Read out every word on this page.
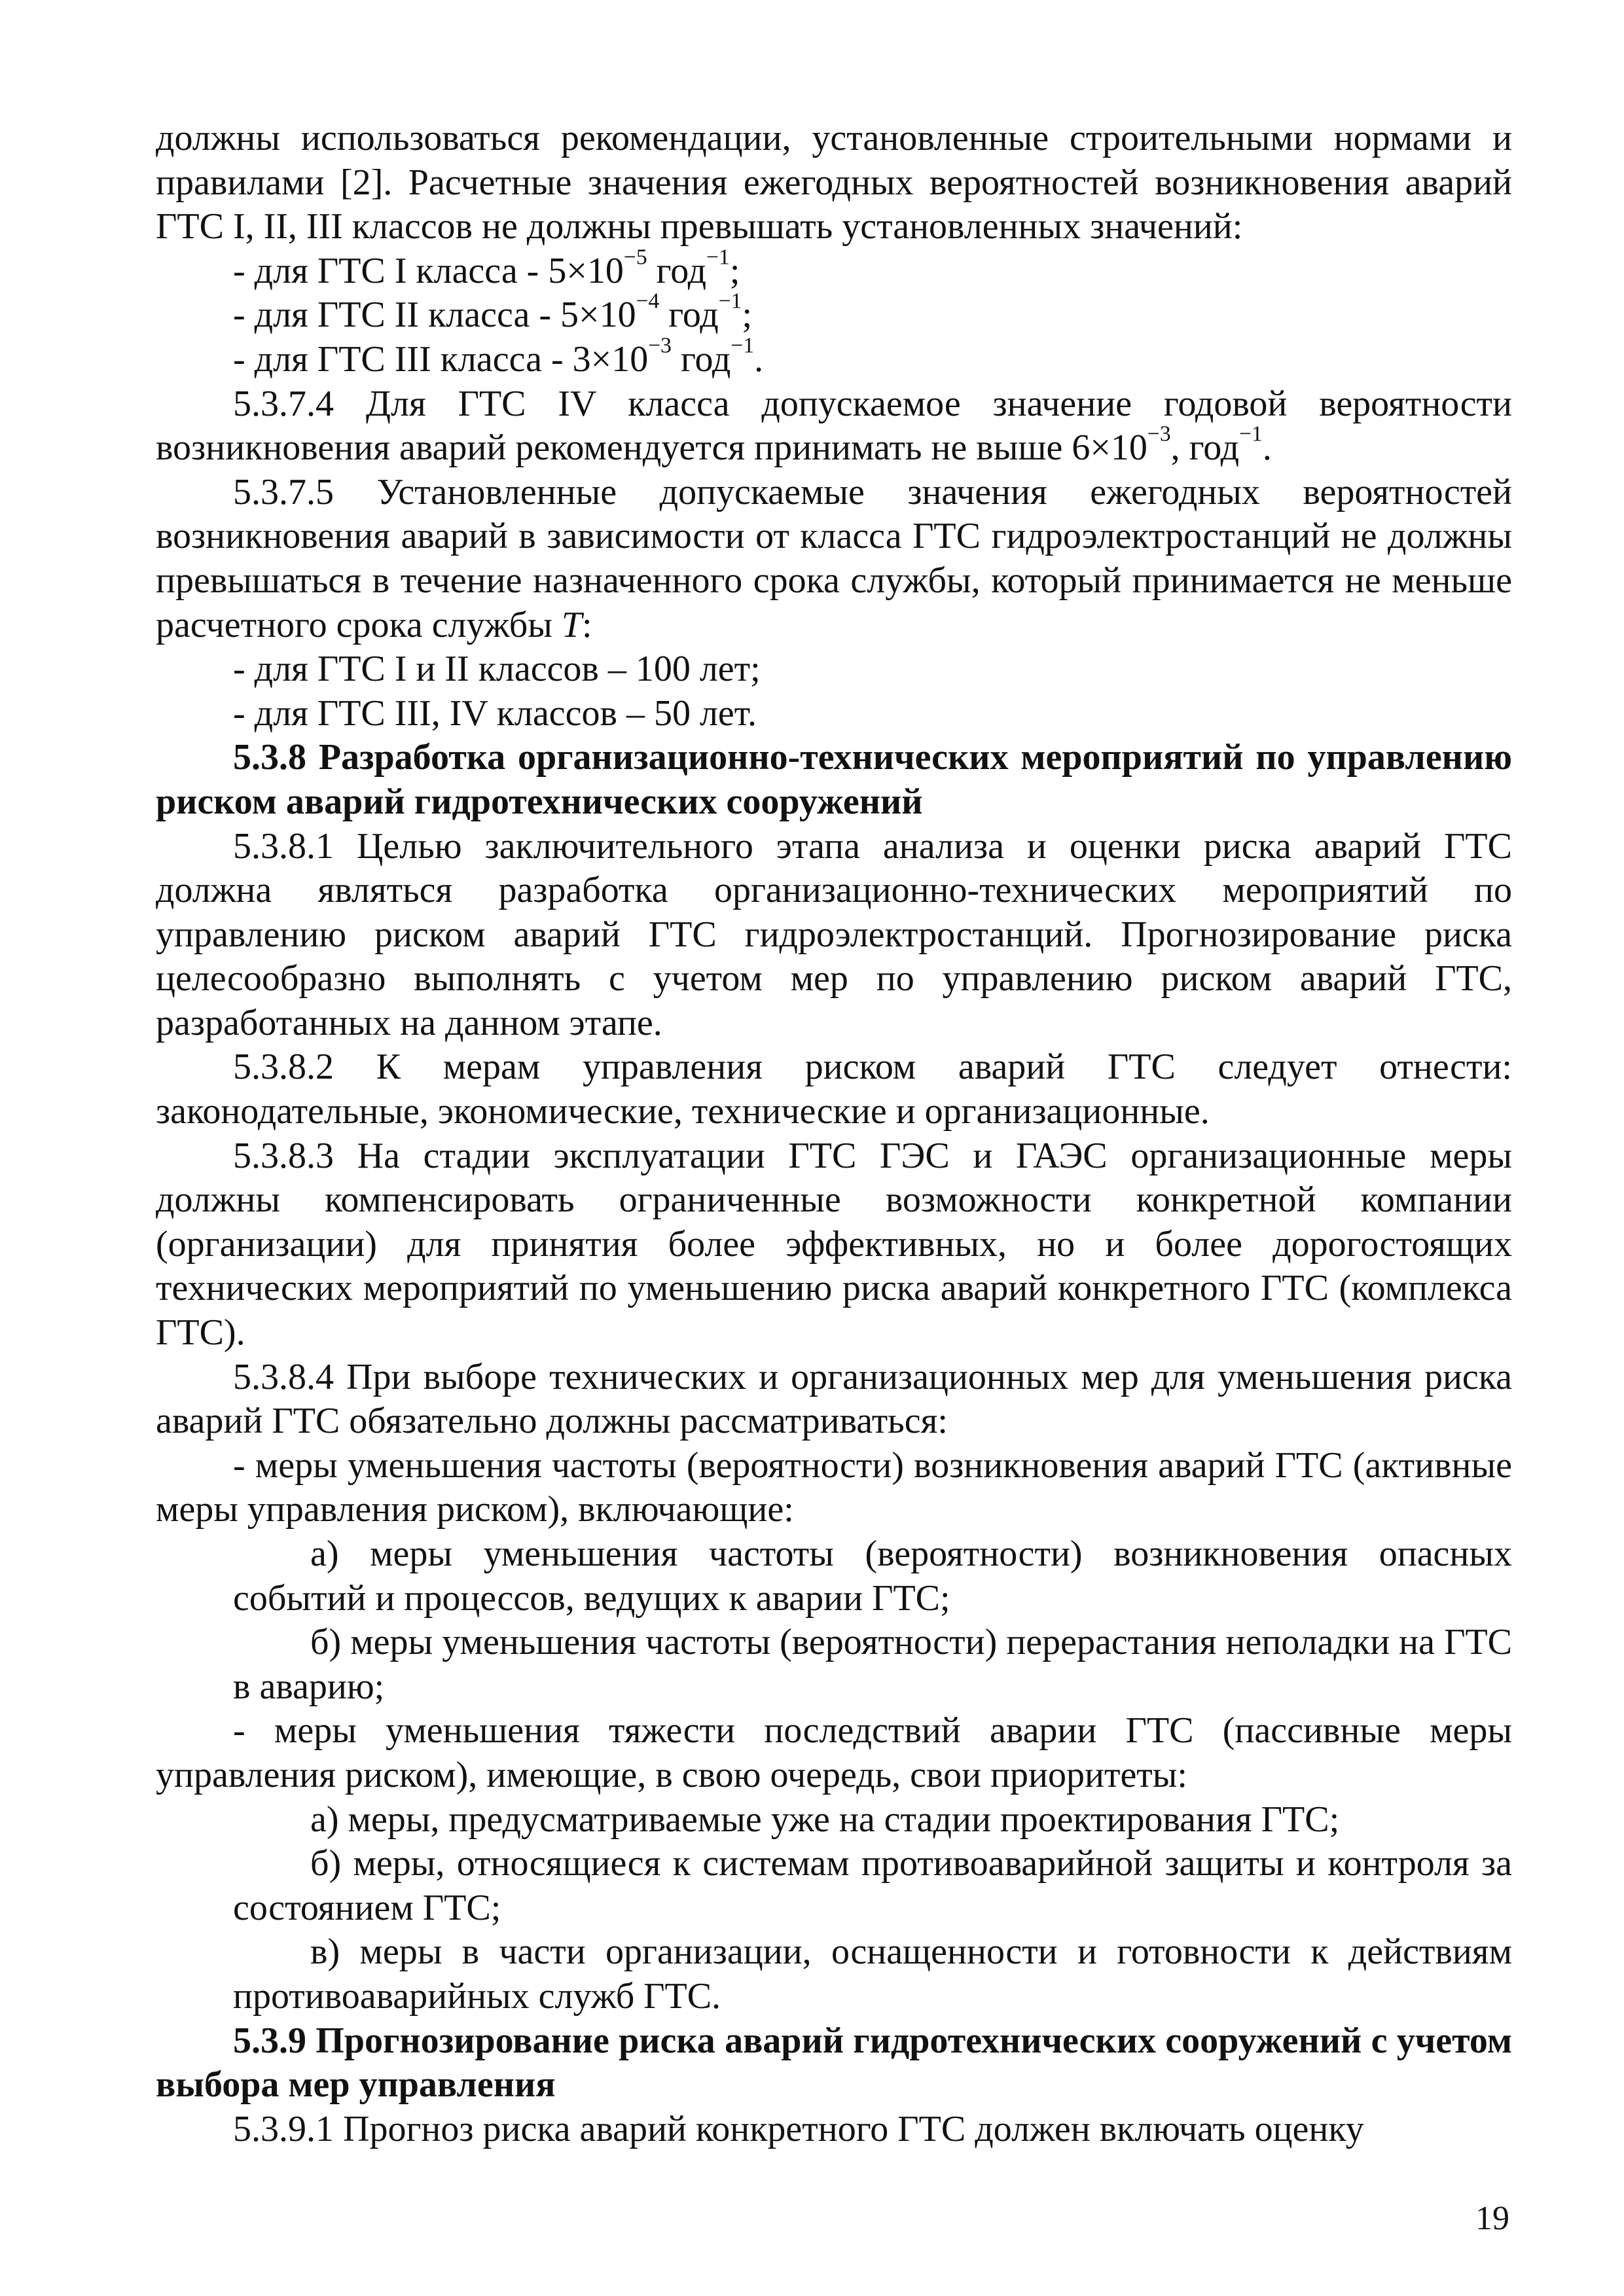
должны использоваться рекомендации, установленные строительными нормами и правилами [2]. Расчетные значения ежегодных вероятностей возникновения аварий ГТС I, II, III классов не должны превышать установленных значений:

- для ГТС I класса - $5\times 10^{-5}$ год$^{-1}$;

- для ГТС II класса - $5\times 10^{-4}$ год$^{-1}$;

- для ГТС III класса - $3\times 10^{-3}$ год$^{-1}$.

5.3.7.4 Для ГТС IV класса допускаемое значение годовой вероятности возникновения аварий рекомендуется принимать не выше $6\times 10^{-3}$, год$^{-1}$.

5.3.7.5 Установленные допускаемые значения ежегодных вероятностей возникновения аварий в зависимости от класса ГТС гидроэлектростанций не должны превышаться в течение назначенного срока службы, который принимается не меньше расчетного срока службы T:

- для ГТС I и II классов – 100 лет;

- для ГТС III, IV классов – 50 лет.

5.3.8 Разработка организационно-технических мероприятий по управлению риском аварий гидротехнических сооружений

5.3.8.1 Целью заключительного этапа анализа и оценки риска аварий ГТС должна являться разработка организационно-технических мероприятий по управлению риском аварий ГТС гидроэлектростанций. Прогнозирование риска целесообразно выполнять с учетом мер по управлению риском аварий ГТС, разработанных на данном этапе.

5.3.8.2 К мерам управления риском аварий ГТС следует отнести: законодательные, экономические, технические и организационные.

5.3.8.3 На стадии эксплуатации ГТС ГЭС и ГАЭС организационные меры должны компенсировать ограниченные возможности конкретной компании (организации) для принятия более эффективных, но и более дорогостоящих технических мероприятий по уменьшению риска аварий конкретного ГТС (комплекса ГТС).

5.3.8.4 При выборе технических и организационных мер для уменьшения риска аварий ГТС обязательно должны рассматриваться:

- меры уменьшения частоты (вероятности) возникновения аварий ГТС (активные меры управления риском), включающие:

а) меры уменьшения частоты (вероятности) возникновения опасных событий и процессов, ведущих к аварии ГТС;

б) меры уменьшения частоты (вероятности) перерастания неполадки на ГТС в аварию;

- меры уменьшения тяжести последствий аварии ГТС (пассивные меры управления риском), имеющие, в свою очередь, свои приоритеты:

а) меры, предусматриваемые уже на стадии проектирования ГТС;

б) меры, относящиеся к системам противоаварийной защиты и контроля за состоянием ГТС;

в) меры в части организации, оснащенности и готовности к действиям противоаварийных служб ГТС.

5.3.9 Прогнозирование риска аварий гидротехнических сооружений с учетом выбора мер управления

5.3.9.1 Прогноз риска аварий конкретного ГТС должен включать оценку

19
